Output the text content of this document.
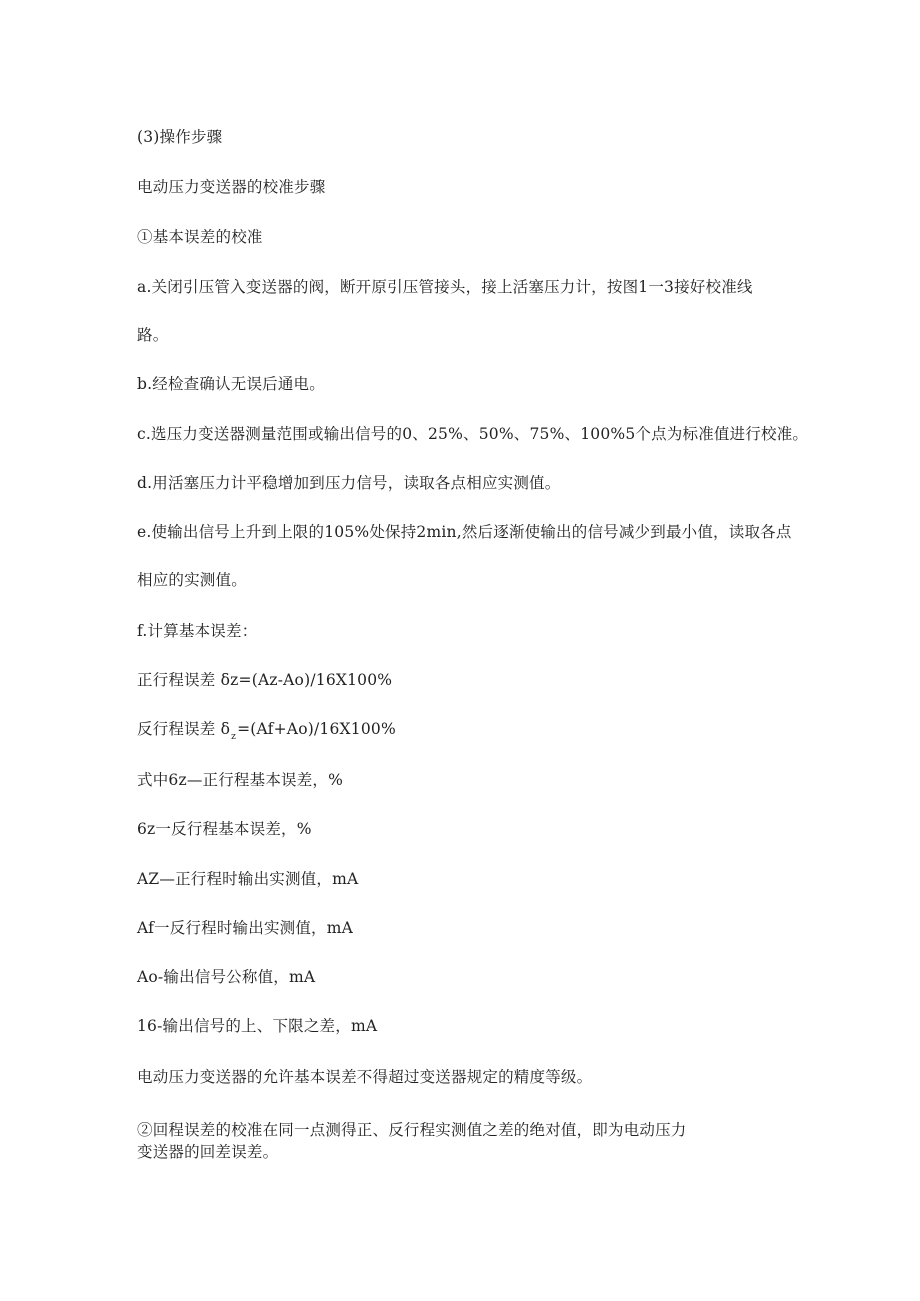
(3)操作步骤
电动压力变送器的校准步骤
①基本误差的校准
a.关闭引压管入变送器的阀，断开原引压管接头，接上活塞压力计，按图1一3接好校准线
路。
b.经检查确认无误后通电。
c.选压力变送器测量范围或输出信号的0、25%、50%、75%、100%5个点为标准值进行校准。
d.用活塞压力计平稳增加到压力信号，读取各点相应实测值。
e.使输出信号上升到上限的105%处保持2min,然后逐渐使输出的信号减少到最小值，读取各点
相应的实测值。
f.计算基本误差：
正行程误差 δz=(Az-Ao)/16X100%
反行程误差 $\delta_z=(Af+Ao)/16X100\%$
式中6z—正行程基本误差，%
6z一反行程基本误差，%
AZ—正行程时输出实测值，mA
Af一反行程时输出实测值，mA
Ao-输出信号公称值，mA
16-输出信号的上、下限之差，mA
电动压力变送器的允许基本误差不得超过变送器规定的精度等级。
②回程误差的校准在同一点测得正、反行程实测值之差的绝对值，即为电动压力
变送器的回差误差。
